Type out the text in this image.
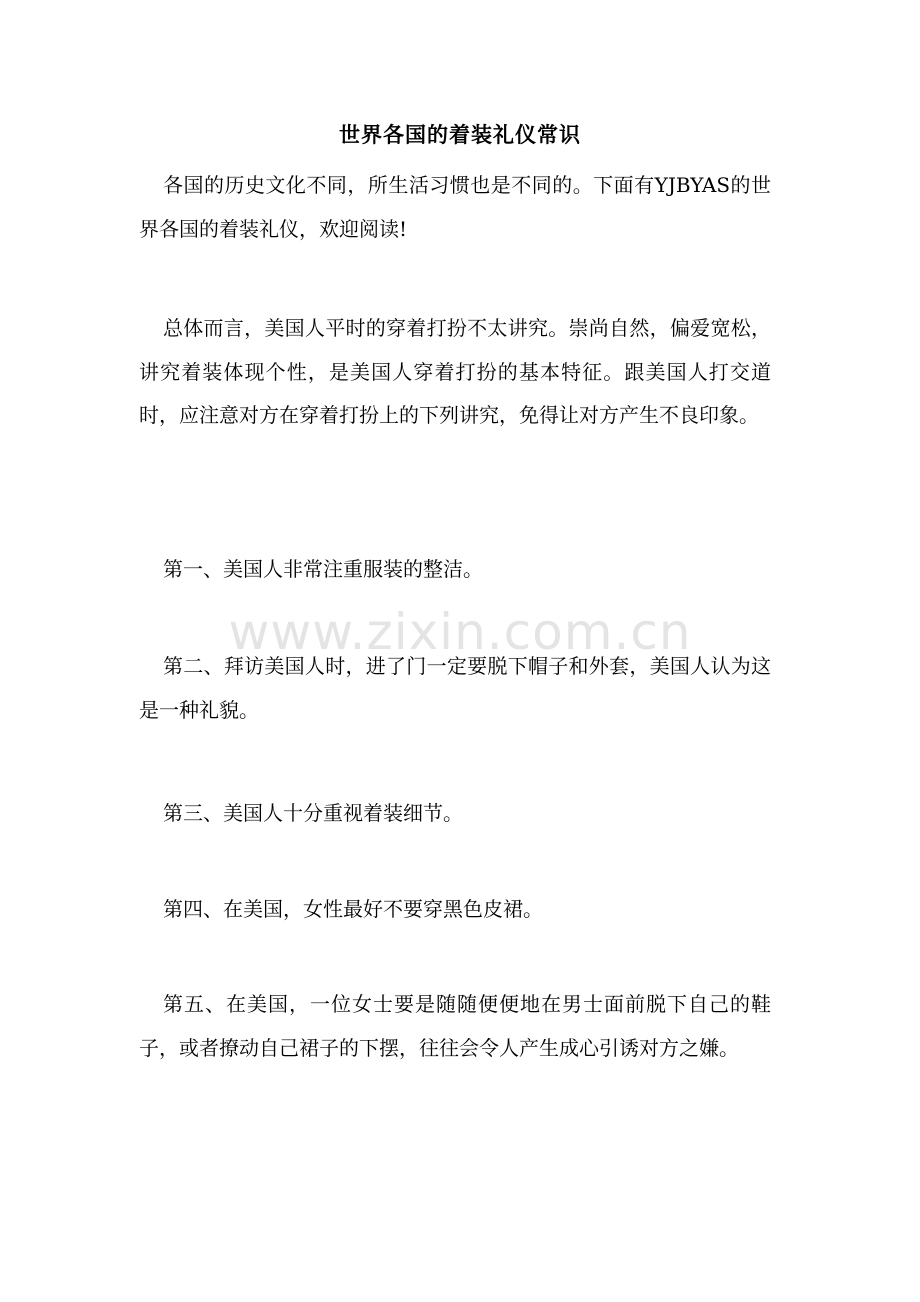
世界各国的着装礼仪常识
各国的历史文化不同，所生活习惯也是不同的。下面有YJBYAS的世界各国的着装礼仪，欢迎阅读!
总体而言，美国人平时的穿着打扮不太讲究。崇尚自然，偏爱宽松，讲究着装体现个性，是美国人穿着打扮的基本特征。跟美国人打交道时，应注意对方在穿着打扮上的下列讲究，免得让对方产生不良印象。
第一、美国人非常注重服装的整洁。
www.zixin.com.cn
第二、拜访美国人时，进了门一定要脱下帽子和外套，美国人认为这是一种礼貌。
第三、美国人十分重视着装细节。
第四、在美国，女性最好不要穿黑色皮裙。
第五、在美国，一位女士要是随随便便地在男士面前脱下自己的鞋子，或者撩动自己裙子的下摆，往往会令人产生成心引诱对方之嫌。
